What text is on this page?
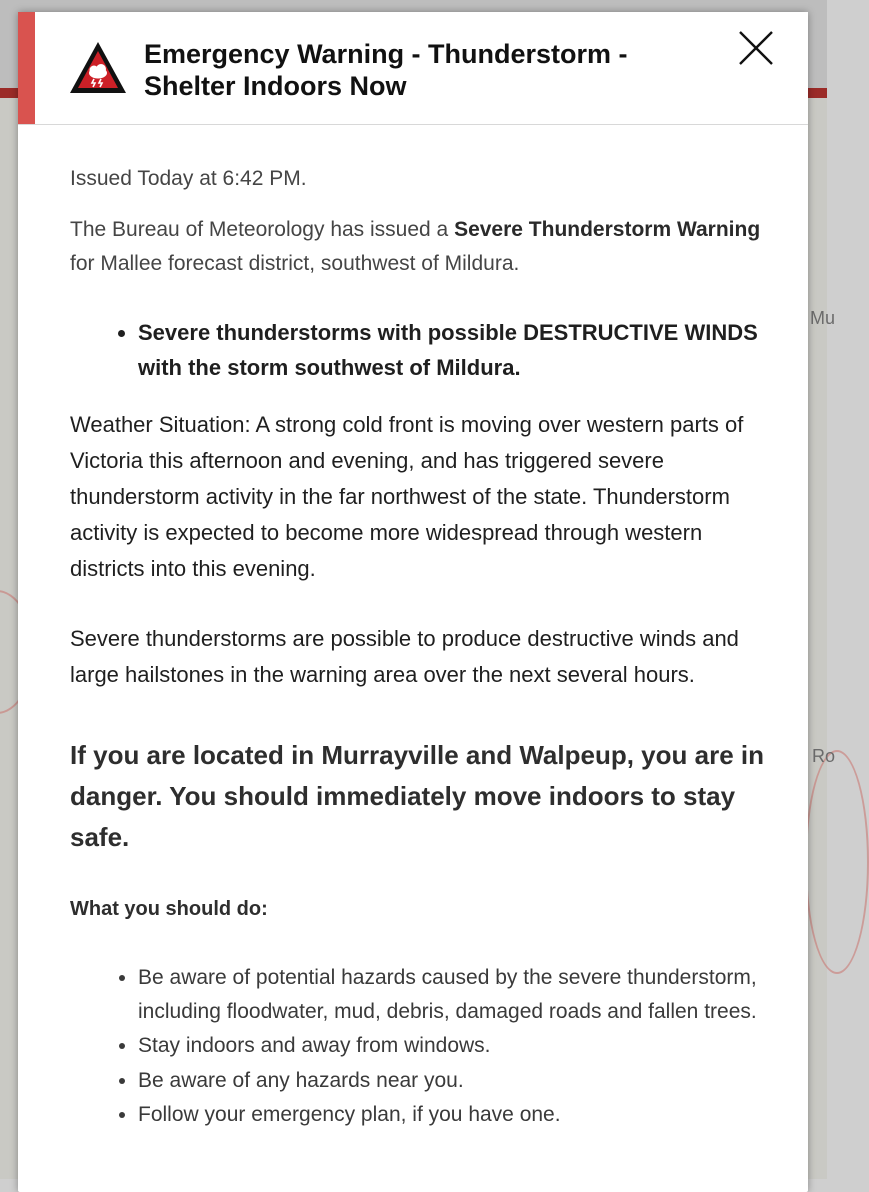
Mu
Ro
Emergency Warning - Thunderstorm - Shelter Indoors Now
Issued Today at 6:42 PM.

The Bureau of Meteorology has issued a Severe Thunderstorm Warning for Mallee forecast district, southwest of Mildura.

• Severe thunderstorms with possible DESTRUCTIVE WINDS with the storm southwest of Mildura.

Weather Situation: A strong cold front is moving over western parts of Victoria this afternoon and evening, and has triggered severe thunderstorm activity in the far northwest of the state. Thunderstorm activity is expected to become more widespread through western districts into this evening.

Severe thunderstorms are possible to produce destructive winds and large hailstones in the warning area over the next several hours.

If you are located in Murrayville and Walpeup, you are in danger. You should immediately move indoors to stay safe.

What you should do:

• Be aware of potential hazards caused by the severe thunderstorm, including floodwater, mud, debris, damaged roads and fallen trees.
• Stay indoors and away from windows.
• Be aware of any hazards near you.
• Follow your emergency plan, if you have one.
